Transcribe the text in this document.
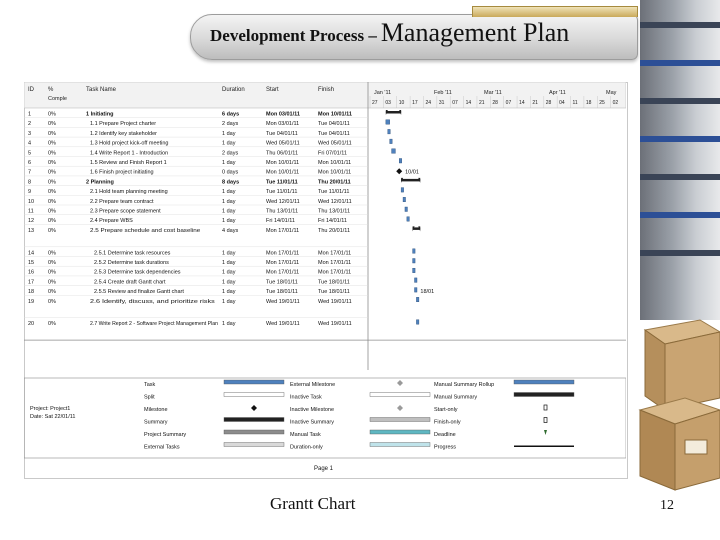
Development Process – Management Plan
ID %	Task Name	Duration	Start	Finish
Comple
Jan '11	Feb '11	Mar '11	Apr '11	May
27 03 10 17 24 31 07 14 21 28 07 14 21 28 04 11 18 25 02
1	0%	1 Initiating	6 days	Mon 03/01/11	Mon 10/01/11
2	0%	1.1 Prepare Project charter	2 days	Mon 03/01/11	Tue 04/01/11
3	0%	1.2 Identify key stakeholder	1 day	Tue 04/01/11	Tue 04/01/11
4	0%	1.3 Hold project kick-off meeting	1 day	Wed 05/01/11	Wed 05/01/11
5	0%	1.4 Write Report 1 - Introduction	2 days	Thu 06/01/11	Fri 07/01/11
6	0%	1.5 Review and Finish Report 1	1 day	Mon 10/01/11	Mon 10/01/11
7	0%	1.6 Finish project initiating	0 days	Mon 10/01/11	Mon 10/01/11
8	0%	2 Planning	8 days	Tue 11/01/11	Thu 20/01/11
9	0%	2.1 Hold team planning meeting	1 day	Tue 11/01/11	Tue 11/01/11
10	0%	2.2 Prepare team contract	1 day	Wed 12/01/11	Wed 12/01/11
11	0%	2.3 Prepare scope statement	1 day	Thu 13/01/11	Thu 13/01/11
12	0%	2.4 Prepare WBS	1 day	Fri 14/01/11	Fri 14/01/11
13	0%	2.5 Prepare schedule and cost baseline	4 days	Mon 17/01/11	Thu 20/01/11
14	0%	2.5.1 Determine task resources	1 day	Mon 17/01/11	Mon 17/01/11
15	0%	2.5.2 Determine task durations	1 day	Mon 17/01/11	Mon 17/01/11
16	0%	2.5.3 Determine task dependencies	1 day	Mon 17/01/11	Mon 17/01/11
17	0%	2.5.4 Create draft Gantt chart	1 day	Tue 18/01/11	Tue 18/01/11
18	0%	2.5.5 Review and finalize Gantt chart	1 day	Tue 18/01/11	Tue 18/01/11
19	0%	2.6 Identify, discuss, and prioritize risks 1 day	Wed 19/01/11	Wed 19/01/11
20	0%	2.7 Write Report 2 - Software Project Management Plan 1 day	Wed 19/01/11	Wed 19/01/11
10/01
18/01
Project: Project1
Date: Sat 22/01/11
Task
Split
Milestone
Summary
Project Summary
External Tasks
External Milestone
Inactive Task
Inactive Milestone
Inactive Summary
Manual Task
Duration-only
Manual Summary Rollup
Manual Summary
Start-only
Finish-only
Deadline
Progress
Page 1
Grantt Chart	12
